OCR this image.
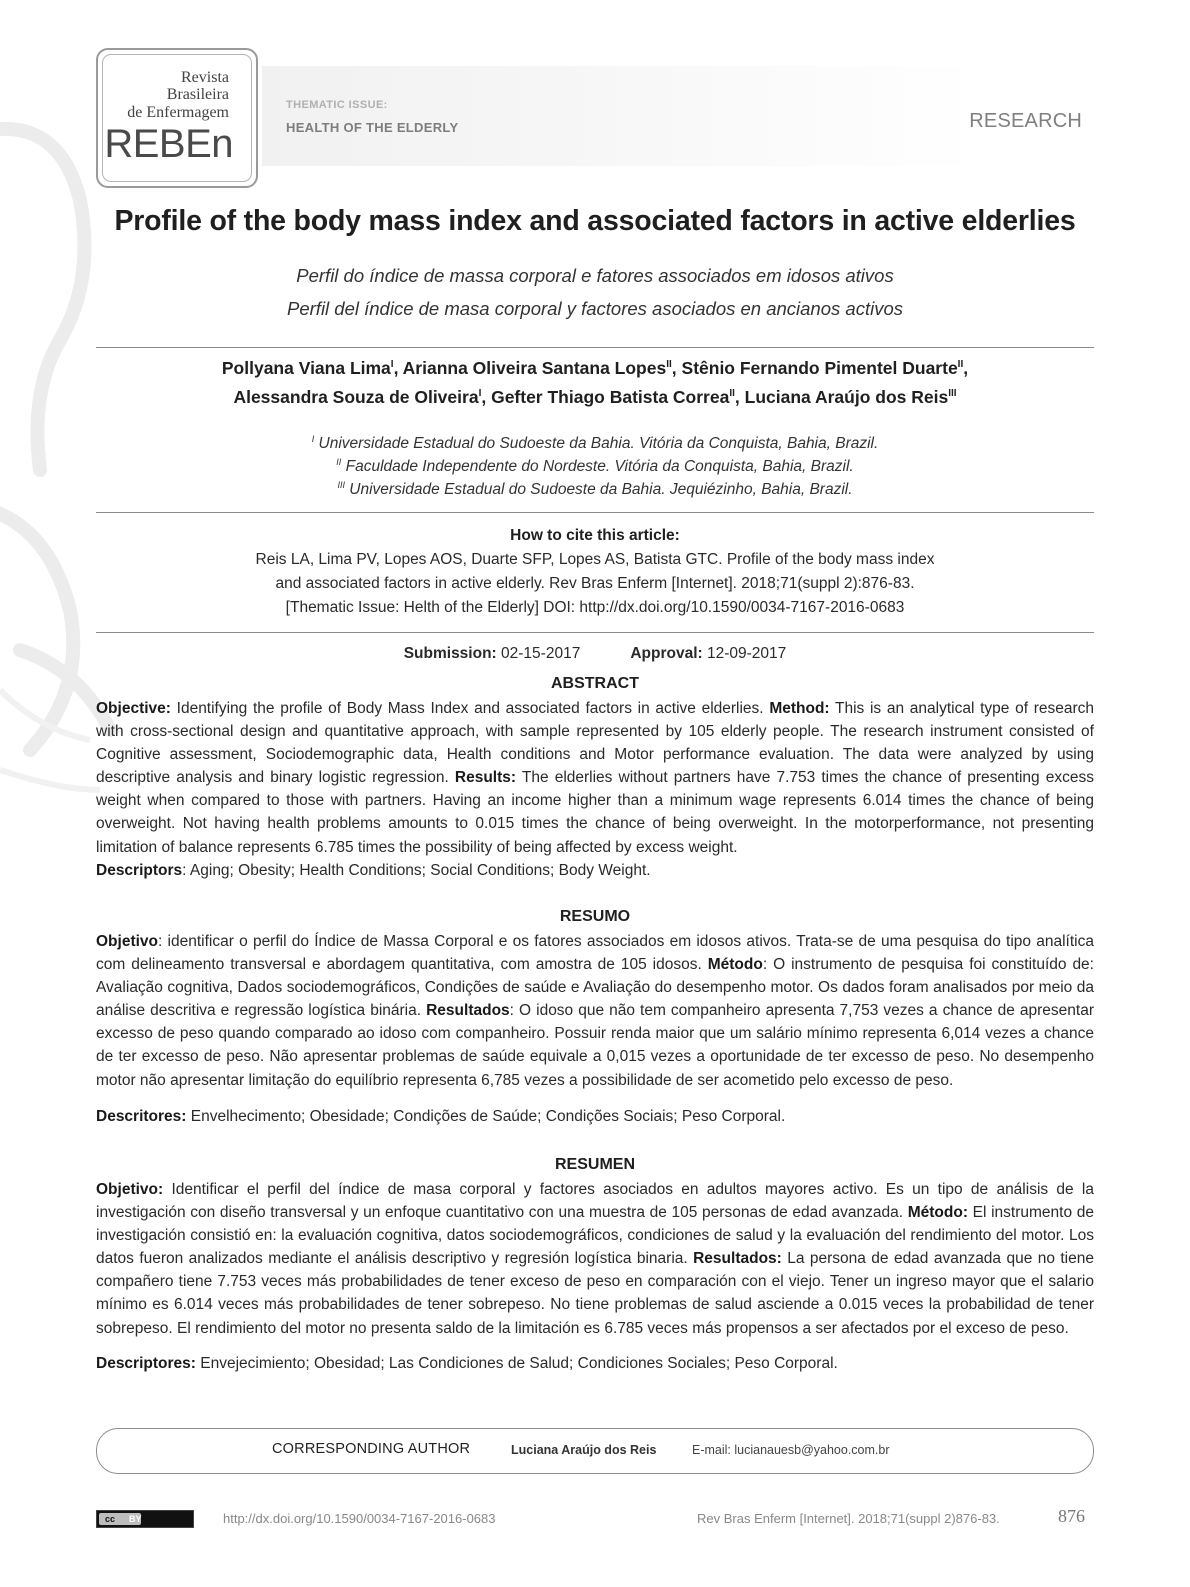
Revista
Brasileira
de Enfermagem
REBEn
THEMATIC ISSUE:
HEALTH OF THE ELDERLY	RESEARCH
Profile of the body mass index and associated factors in active elderlies
Perfil do índice de massa corporal e fatores associados em idosos ativos
Perfil del índice de masa corporal y factores asociados en ancianos activos
Pollyana Viana Lima$^I$, Arianna Oliveira Santana Lopes$^{II}$, Stênio Fernando Pimentel Duarte$^{II}$,
Alessandra Souza de Oliveira$^I$, Gefter Thiago Batista Correa$^{II}$, Luciana Araújo dos Reis$^{III}$
$^I$ Universidade Estadual do Sudoeste da Bahia. Vitória da Conquista, Bahia, Brazil.
$^{II}$ Faculdade Independente do Nordeste. Vitória da Conquista, Bahia, Brazil.
$^{III}$ Universidade Estadual do Sudoeste da Bahia. Jequiézinho, Bahia, Brazil.
How to cite this article:
Reis LA, Lima PV, Lopes AOS, Duarte SFP, Lopes AS, Batista GTC. Profile of the body mass index
and associated factors in active elderly. Rev Bras Enferm [Internet]. 2018;71(suppl 2):876-83.
[Thematic Issue: Helth of the Elderly] DOI: http://dx.doi.org/10.1590/0034-7167-2016-0683
Submission: 02-15-2017	Approval: 12-09-2017
ABSTRACT
Objective: Identifying the profile of Body Mass Index and associated factors in active elderlies. Method: This is an analytical type of research with cross-sectional design and quantitative approach, with sample represented by 105 elderly people. The research instrument consisted of Cognitive assessment, Sociodemographic data, Health conditions and Motor performance evaluation. The data were analyzed by using descriptive analysis and binary logistic regression. Results: The elderlies without partners have 7.753 times the chance of presenting excess weight when compared to those with partners. Having an income higher than a minimum wage represents 6.014 times the chance of being overweight. Not having health problems amounts to 0.015 times the chance of being overweight. In the motorperformance, not presenting limitation of balance represents 6.785 times the possibility of being affected by excess weight.
Descriptors: Aging; Obesity; Health Conditions; Social Conditions; Body Weight.
RESUMO
Objetivo: identificar o perfil do Índice de Massa Corporal e os fatores associados em idosos ativos. Trata-se de uma pesquisa do tipo analítica com delineamento transversal e abordagem quantitativa, com amostra de 105 idosos. Método: O instrumento de pesquisa foi constituído de: Avaliação cognitiva, Dados sociodemográficos, Condições de saúde e Avaliação do desempenho motor. Os dados foram analisados por meio da análise descritiva e regressão logística binária. Resultados: O idoso que não tem companheiro apresenta 7,753 vezes a chance de apresentar excesso de peso quando comparado ao idoso com companheiro. Possuir renda maior que um salário mínimo representa 6,014 vezes a chance de ter excesso de peso. Não apresentar problemas de saúde equivale a 0,015 vezes a oportunidade de ter excesso de peso. No desempenho motor não apresentar limitação do equilíbrio representa 6,785 vezes a possibilidade de ser acometido pelo excesso de peso.
Descritores: Envelhecimento; Obesidade; Condições de Saúde; Condições Sociais; Peso Corporal.
RESUMEN
Objetivo: Identificar el perfil del índice de masa corporal y factores asociados en adultos mayores activo. Es un tipo de análisis de la investigación con diseño transversal y un enfoque cuantitativo con una muestra de 105 personas de edad avanzada. Método: El instrumento de investigación consistió en: la evaluación cognitiva, datos sociodemográficos, condiciones de salud y la evaluación del rendimiento del motor. Los datos fueron analizados mediante el análisis descriptivo y regresión logística binaria. Resultados: La persona de edad avanzada que no tiene compañero tiene 7.753 veces más probabilidades de tener exceso de peso en comparación con el viejo. Tener un ingreso mayor que el salario mínimo es 6.014 veces más probabilidades de tener sobrepeso. No tiene problemas de salud asciende a 0.015 veces la probabilidad de tener sobrepeso. El rendimiento del motor no presenta saldo de la limitación es 6.785 veces más propensos a ser afectados por el exceso de peso.
Descriptores: Envejecimiento; Obesidad; Las Condiciones de Salud; Condiciones Sociales; Peso Corporal.
CORRESPONDING AUTHOR	Luciana Araújo dos Reis	E-mail: lucianauesb@yahoo.com.br
cc BY	http://dx.doi.org/10.1590/0034-7167-2016-0683	Rev Bras Enferm [Internet]. 2018;71(suppl 2)876-83.	876
